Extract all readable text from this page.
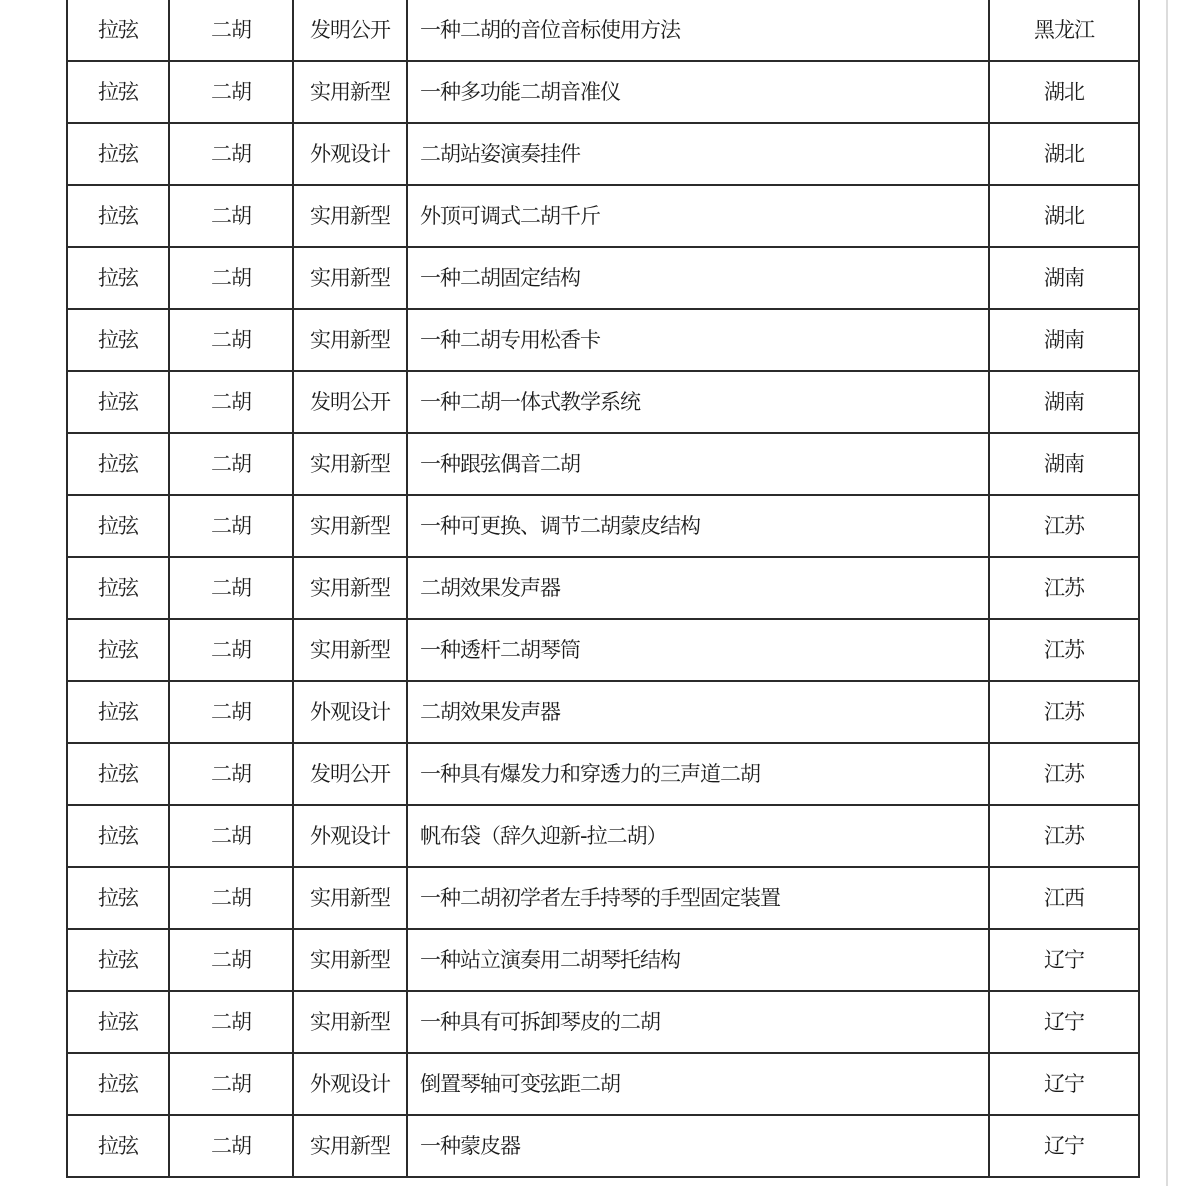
拉弦	二胡	发明公开	一种二胡的音位音标使用方法	黑龙江
拉弦	二胡	实用新型	一种多功能二胡音准仪	湖北
拉弦	二胡	外观设计	二胡站姿演奏挂件	湖北
拉弦	二胡	实用新型	外顶可调式二胡千斤	湖北
拉弦	二胡	实用新型	一种二胡固定结构	湖南
拉弦	二胡	实用新型	一种二胡专用松香卡	湖南
拉弦	二胡	发明公开	一种二胡一体式教学系统	湖南
拉弦	二胡	实用新型	一种跟弦偶音二胡	湖南
拉弦	二胡	实用新型	一种可更换、调节二胡蒙皮结构	江苏
拉弦	二胡	实用新型	二胡效果发声器	江苏
拉弦	二胡	实用新型	一种透杆二胡琴筒	江苏
拉弦	二胡	外观设计	二胡效果发声器	江苏
拉弦	二胡	发明公开	一种具有爆发力和穿透力的三声道二胡	江苏
拉弦	二胡	外观设计	帆布袋（辞久迎新-拉二胡）	江苏
拉弦	二胡	实用新型	一种二胡初学者左手持琴的手型固定装置	江西
拉弦	二胡	实用新型	一种站立演奏用二胡琴托结构	辽宁
拉弦	二胡	实用新型	一种具有可拆卸琴皮的二胡	辽宁
拉弦	二胡	外观设计	倒置琴轴可变弦距二胡	辽宁
拉弦	二胡	实用新型	一种蒙皮器	辽宁
